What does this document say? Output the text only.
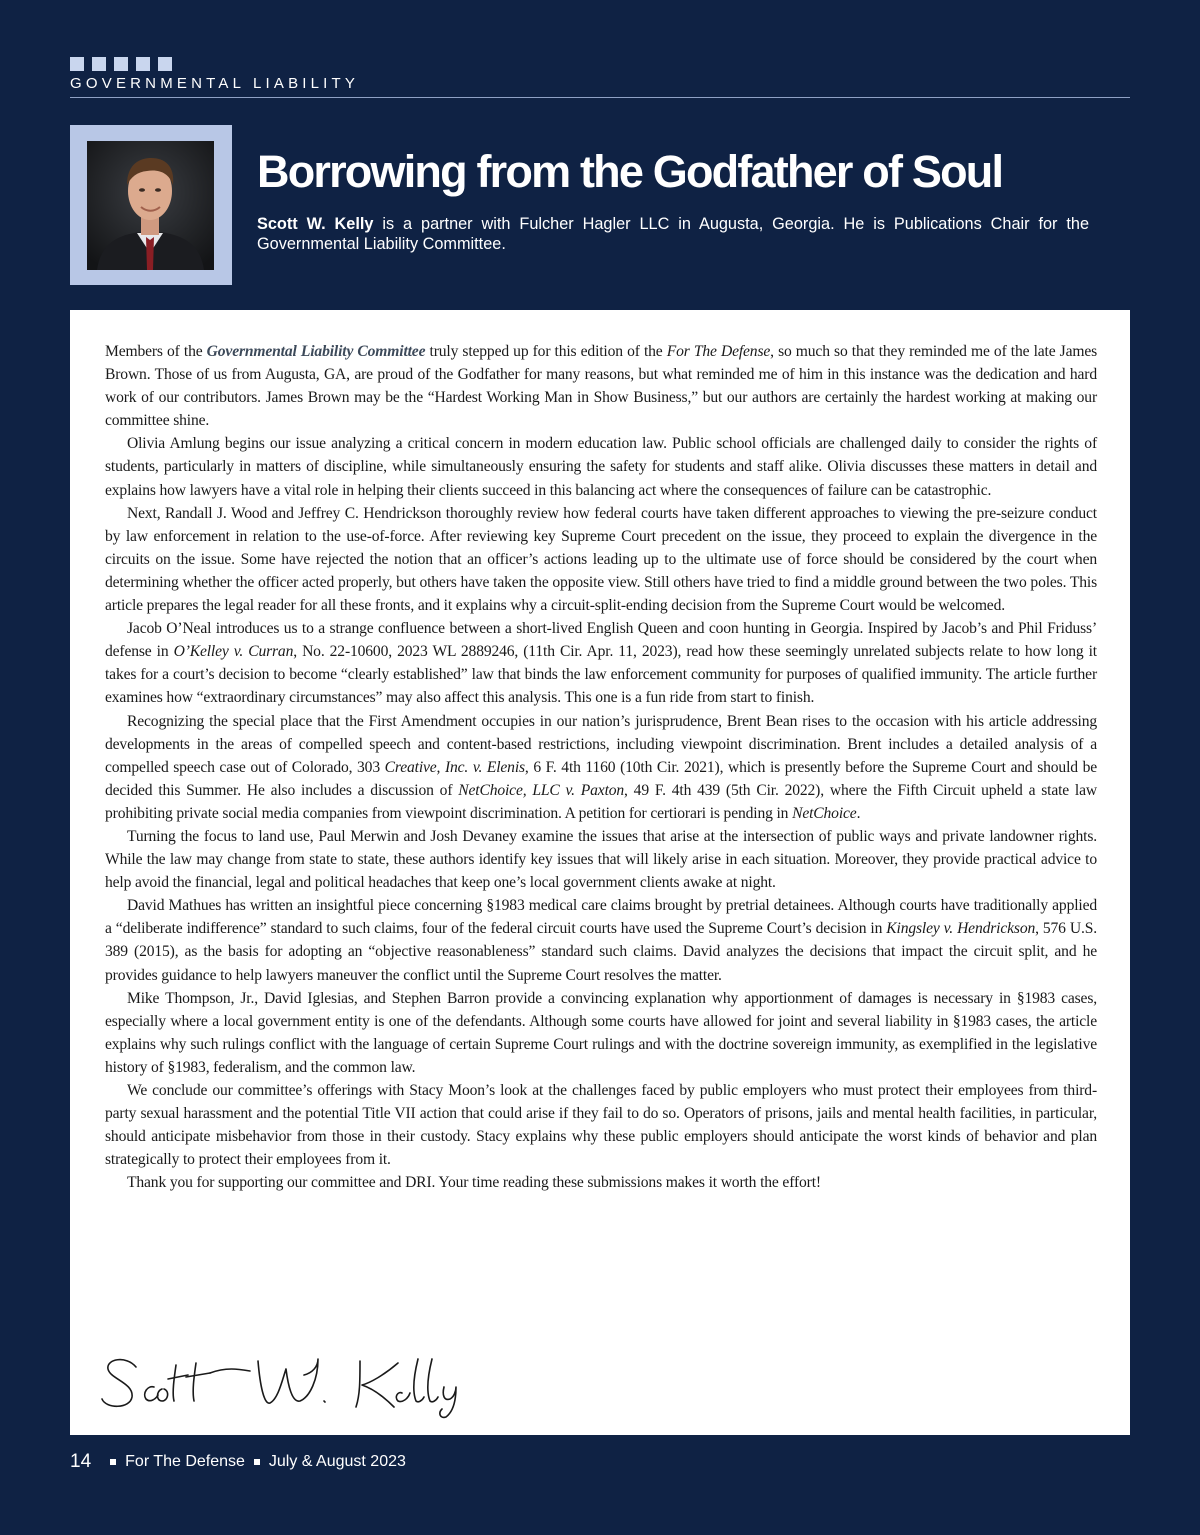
GOVERNMENTAL LIABILITY
Borrowing from the Godfather of Soul

Scott W. Kelly is a partner with Fulcher Hagler LLC in Augusta, Georgia. He is Publications Chair for the Governmental Liability Committee.

Members of the Governmental Liability Committee truly stepped up for this edition of the For The Defense, so much so that they reminded me of the late James Brown. Those of us from Augusta, GA, are proud of the Godfather for many reasons, but what reminded me of him in this instance was the dedication and hard work of our contributors. James Brown may be the “Hardest Working Man in Show Business,” but our authors are certainly the hardest working at making our committee shine.

Olivia Amlung begins our issue analyzing a critical concern in modern education law. Public school officials are challenged daily to consider the rights of students, particularly in matters of discipline, while simultaneously ensuring the safety for students and staff alike. Olivia discusses these matters in detail and explains how lawyers have a vital role in helping their clients succeed in this balancing act where the consequences of failure can be catastrophic.

Next, Randall J. Wood and Jeffrey C. Hendrickson thoroughly review how federal courts have taken different approaches to viewing the pre-seizure conduct by law enforcement in relation to the use-of-force. After reviewing key Supreme Court precedent on the issue, they proceed to explain the divergence in the circuits on the issue. Some have rejected the notion that an officer’s actions leading up to the ultimate use of force should be considered by the court when determining whether the officer acted properly, but others have taken the opposite view. Still others have tried to find a middle ground between the two poles. This article prepares the legal reader for all these fronts, and it explains why a circuit-split-ending decision from the Supreme Court would be welcomed.

Jacob O’Neal introduces us to a strange confluence between a short-lived English Queen and coon hunting in Georgia. Inspired by Jacob’s and Phil Friduss’ defense in O’Kelley v. Curran, No. 22-10600, 2023 WL 2889246, (11th Cir. Apr. 11, 2023), read how these seemingly unrelated subjects relate to how long it takes for a court’s decision to become “clearly established” law that binds the law enforcement community for purposes of qualified immunity. The article further examines how “extraordinary circumstances” may also affect this analysis. This one is a fun ride from start to finish.

Recognizing the special place that the First Amendment occupies in our nation’s jurisprudence, Brent Bean rises to the occasion with his article addressing developments in the areas of compelled speech and content-based restrictions, including viewpoint discrimination. Brent includes a detailed analysis of a compelled speech case out of Colorado, 303 Creative, Inc. v. Elenis, 6 F. 4th 1160 (10th Cir. 2021), which is presently before the Supreme Court and should be decided this Summer. He also includes a discussion of NetChoice, LLC v. Paxton, 49 F. 4th 439 (5th Cir. 2022), where the Fifth Circuit upheld a state law prohibiting private social media companies from viewpoint discrimination. A petition for certiorari is pending in NetChoice.

Turning the focus to land use, Paul Merwin and Josh Devaney examine the issues that arise at the intersection of public ways and private landowner rights. While the law may change from state to state, these authors identify key issues that will likely arise in each situation. Moreover, they provide practical advice to help avoid the financial, legal and political headaches that keep one’s local government clients awake at night.

David Mathues has written an insightful piece concerning §1983 medical care claims brought by pretrial detainees. Although courts have traditionally applied a “deliberate indifference” standard to such claims, four of the federal circuit courts have used the Supreme Court’s decision in Kingsley v. Hendrickson, 576 U.S. 389 (2015), as the basis for adopting an “objective reasonableness” standard such claims. David analyzes the decisions that impact the circuit split, and he provides guidance to help lawyers maneuver the conflict until the Supreme Court resolves the matter.

Mike Thompson, Jr., David Iglesias, and Stephen Barron provide a convincing explanation why apportionment of damages is necessary in §1983 cases, especially where a local government entity is one of the defendants. Although some courts have allowed for joint and several liability in §1983 cases, the article explains why such rulings conflict with the language of certain Supreme Court rulings and with the doctrine sovereign immunity, as exemplified in the legislative history of §1983, federalism, and the common law.

We conclude our committee’s offerings with Stacy Moon’s look at the challenges faced by public employers who must protect their employees from third-party sexual harassment and the potential Title VII action that could arise if they fail to do so. Operators of prisons, jails and mental health facilities, in particular, should anticipate misbehavior from those in their custody. Stacy explains why these public employers should anticipate the worst kinds of behavior and plan strategically to protect their employees from it.

Thank you for supporting our committee and DRI. Your time reading these submissions makes it worth the effort!

Scott W. Kelly
14 For The Defense July & August 2023
